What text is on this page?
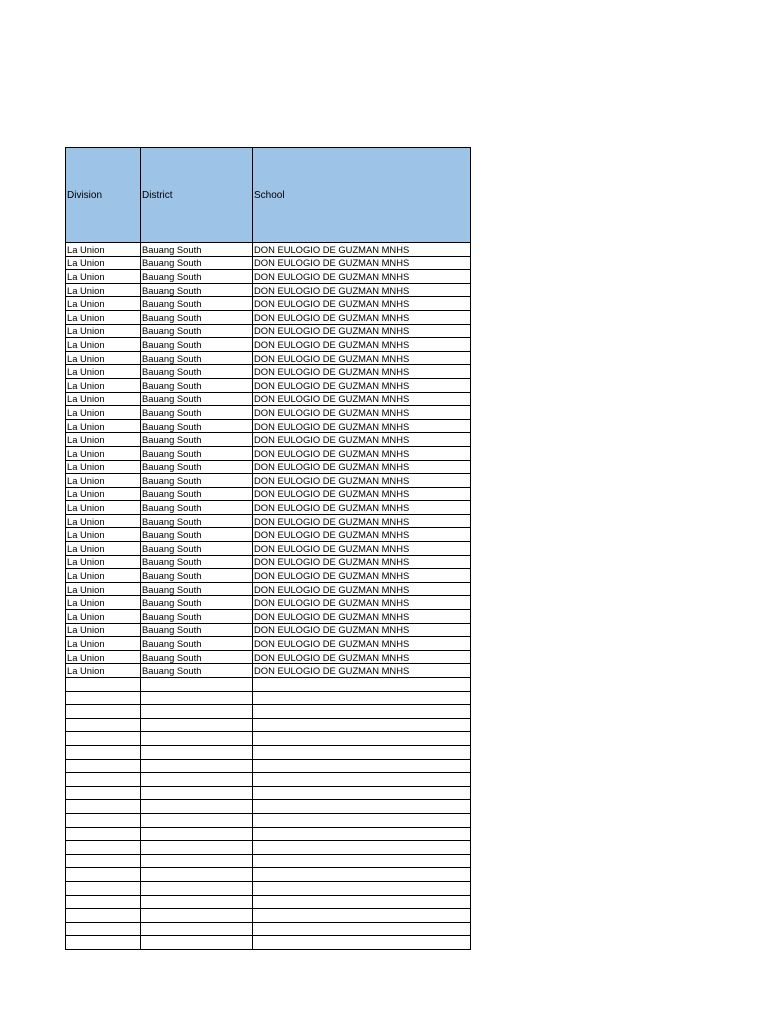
Division	District	School
La Union	Bauang South	DON EULOGIO DE GUZMAN MNHS
La Union	Bauang South	DON EULOGIO DE GUZMAN MNHS
La Union	Bauang South	DON EULOGIO DE GUZMAN MNHS
La Union	Bauang South	DON EULOGIO DE GUZMAN MNHS
La Union	Bauang South	DON EULOGIO DE GUZMAN MNHS
La Union	Bauang South	DON EULOGIO DE GUZMAN MNHS
La Union	Bauang South	DON EULOGIO DE GUZMAN MNHS
La Union	Bauang South	DON EULOGIO DE GUZMAN MNHS
La Union	Bauang South	DON EULOGIO DE GUZMAN MNHS
La Union	Bauang South	DON EULOGIO DE GUZMAN MNHS
La Union	Bauang South	DON EULOGIO DE GUZMAN MNHS
La Union	Bauang South	DON EULOGIO DE GUZMAN MNHS
La Union	Bauang South	DON EULOGIO DE GUZMAN MNHS
La Union	Bauang South	DON EULOGIO DE GUZMAN MNHS
La Union	Bauang South	DON EULOGIO DE GUZMAN MNHS
La Union	Bauang South	DON EULOGIO DE GUZMAN MNHS
La Union	Bauang South	DON EULOGIO DE GUZMAN MNHS
La Union	Bauang South	DON EULOGIO DE GUZMAN MNHS
La Union	Bauang South	DON EULOGIO DE GUZMAN MNHS
La Union	Bauang South	DON EULOGIO DE GUZMAN MNHS
La Union	Bauang South	DON EULOGIO DE GUZMAN MNHS
La Union	Bauang South	DON EULOGIO DE GUZMAN MNHS
La Union	Bauang South	DON EULOGIO DE GUZMAN MNHS
La Union	Bauang South	DON EULOGIO DE GUZMAN MNHS
La Union	Bauang South	DON EULOGIO DE GUZMAN MNHS
La Union	Bauang South	DON EULOGIO DE GUZMAN MNHS
La Union	Bauang South	DON EULOGIO DE GUZMAN MNHS
La Union	Bauang South	DON EULOGIO DE GUZMAN MNHS
La Union	Bauang South	DON EULOGIO DE GUZMAN MNHS
La Union	Bauang South	DON EULOGIO DE GUZMAN MNHS
La Union	Bauang South	DON EULOGIO DE GUZMAN MNHS
La Union	Bauang South	DON EULOGIO DE GUZMAN MNHS
